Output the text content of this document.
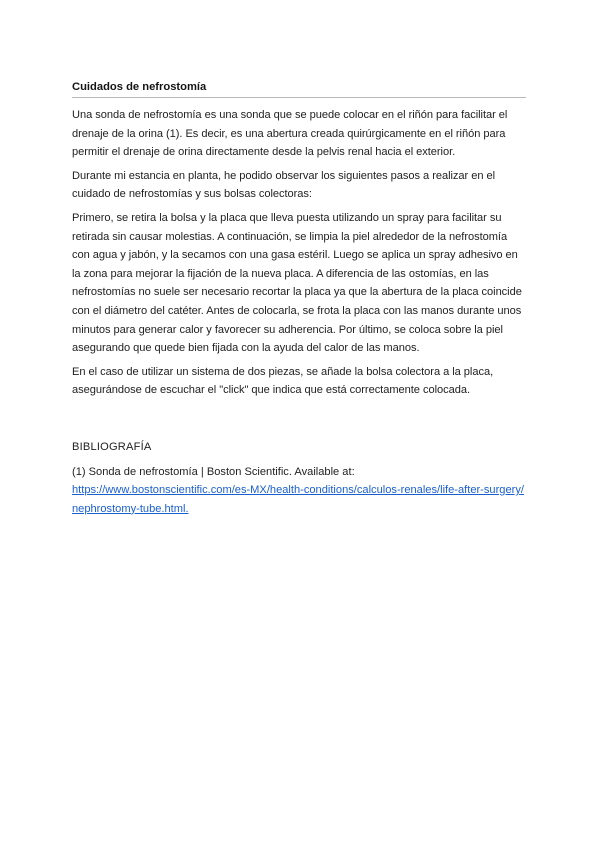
Cuidados de nefrostomía

Una sonda de nefrostomía es una sonda que se puede colocar en el riñón para facilitar el drenaje de la orina (1). Es decir, es una abertura creada quirúrgicamente en el riñón para permitir el drenaje de orina directamente desde la pelvis renal hacia el exterior.

Durante mi estancia en planta, he podido observar los siguientes pasos a realizar en el cuidado de nefrostomías y sus bolsas colectoras:

Primero, se retira la bolsa y la placa que lleva puesta utilizando un spray para facilitar su retirada sin causar molestias. A continuación, se limpia la piel alrededor de la nefrostomía con agua y jabón, y la secamos con una gasa estéril. Luego se aplica un spray adhesivo en la zona para mejorar la fijación de la nueva placa. A diferencia de las ostomías, en las nefrostomías no suele ser necesario recortar la placa ya que la abertura de la placa coincide con el diámetro del catéter. Antes de colocarla, se frota la placa con las manos durante unos minutos para generar calor y favorecer su adherencia. Por último, se coloca sobre la piel asegurando que quede bien fijada con la ayuda del calor de las manos.

En el caso de utilizar un sistema de dos piezas, se añade la bolsa colectora a la placa, asegurándose de escuchar el "click" que indica que está correctamente colocada.

BIBLIOGRAFÍA

(1) Sonda de nefrostomía | Boston Scientific. Available at:
https://www.bostonscientific.com/es-MX/health-conditions/calculos-renales/life-after-surgery/nephrostomy-tube.html.
